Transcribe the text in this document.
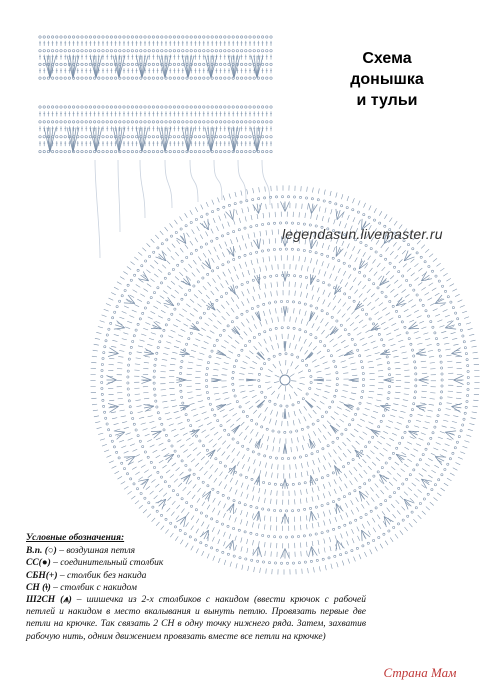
Схема
донышка
и тульи
legendasun.livemaster.ru
Условные обозначения:
В.п. (○) – воздушная петля
СС(●) – соединительный столбик
СБН(+) – столбик без накида
СН (ǂ) – столбик с накидом
Ш2СН (⩚) – шишечка из 2-х столбиков с накидом (ввести крючок с рабочей петлей и накидом в место вкалывания и вынуть петлю. Провязать первые две петли на крючке. Так связать 2 СН в одну точку нижнего ряда. Затем, захватив рабочую нить, одним движением провязать вместе все петли на крючке)
Страна Мам
